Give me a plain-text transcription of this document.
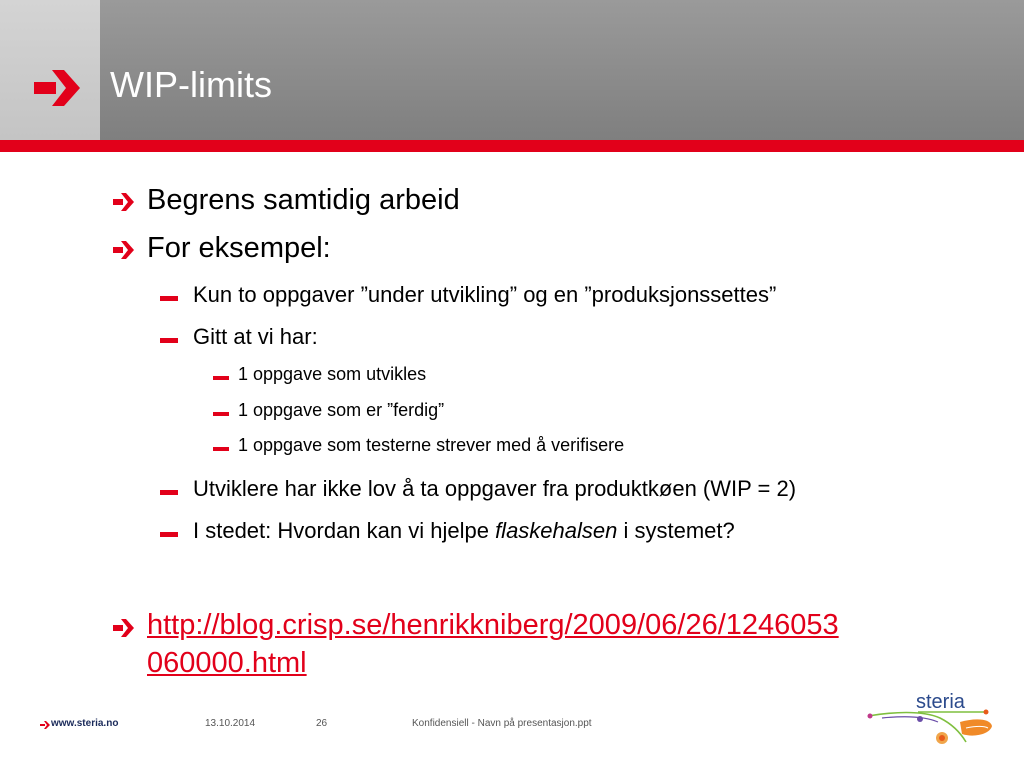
WIP-limits
Begrens samtidig arbeid
For eksempel:
Kun to oppgaver ”under utvikling” og en ”produksjonssettes”
Gitt at vi har:
1 oppgave som utvikles
1 oppgave som er ”ferdig”
1 oppgave som testerne strever med å verifisere
Utviklere har ikke lov å ta oppgaver fra produktkøen (WIP = 2)
I stedet: Hvordan kan vi hjelpe flaskehalsen i systemet?
http://blog.crisp.se/henrikkniberg/2009/06/26/1246053
060000.html
www.steria.no	13.10.2014	26	Konfidensiell - Navn på presentasjon.ppt
steria
